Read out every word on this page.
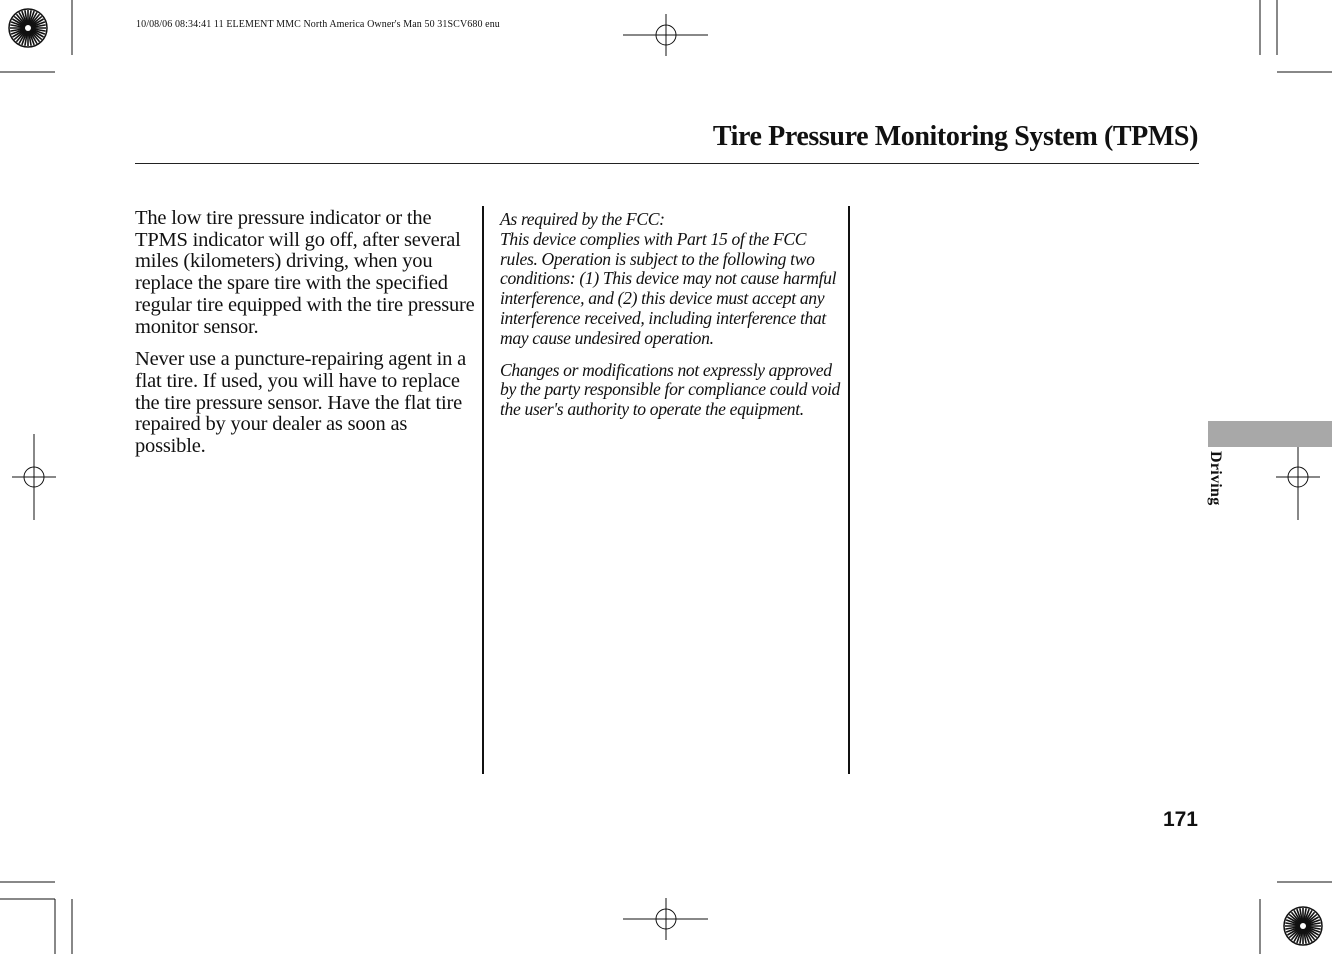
10/08/06 08:34:41 11 ELEMENT MMC North America Owner's Man 50 31SCV680 enu
Tire Pressure Monitoring System (TPMS)

The low tire pressure indicator or the TPMS indicator will go off, after several miles (kilometers) driving, when you replace the spare tire with the specified regular tire equipped with the tire pressure monitor sensor.

Never use a puncture-repairing agent in a flat tire. If used, you will have to replace the tire pressure sensor. Have the flat tire repaired by your dealer as soon as possible.

As required by the FCC:
This device complies with Part 15 of the FCC rules. Operation is subject to the following two conditions: (1) This device may not cause harmful interference, and (2) this device must accept any interference received, including interference that may cause undesired operation.

Changes or modifications not expressly approved by the party responsible for compliance could void the user's authority to operate the equipment.

Driving
171
